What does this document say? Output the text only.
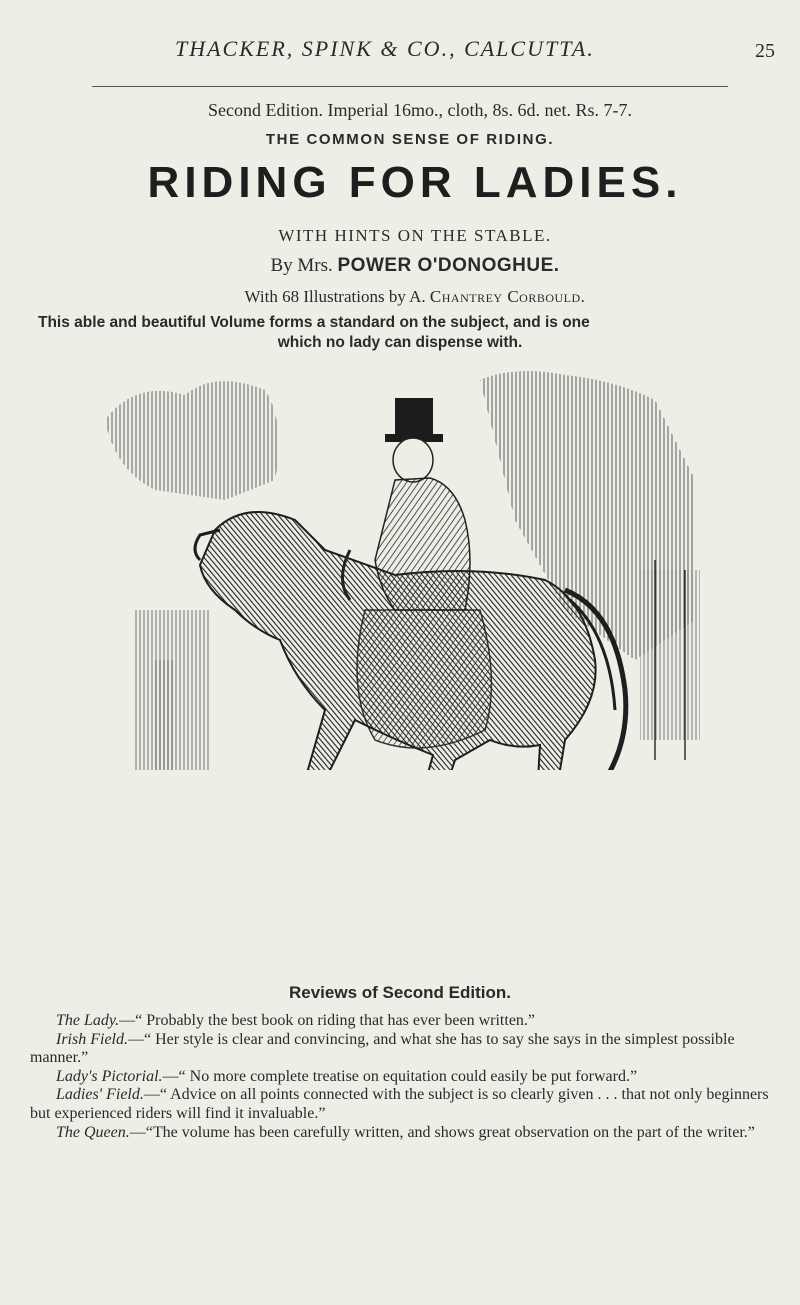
THACKER, SPINK & CO., CALCUTTA.	25
Second Edition. Imperial 16mo., cloth, 8s. 6d. net. Rs. 7-7.
THE COMMON SENSE OF RIDING.
RIDING FOR LADIES.
WITH HINTS ON THE STABLE.
By Mrs. POWER O'DONOGHUE.
With 68 Illustrations by A. Chantrey Corbould.
This able and beautiful Volume forms a standard on the subject, and is one
which no lady can dispense with.
Reviews of Second Edition.

The Lady.—“ Probably the best book on riding that has ever been written.”

Irish Field.—“ Her style is clear and convincing, and what she has to say she says in the simplest possible manner.”

Lady's Pictorial.—“ No more complete treatise on equitation could easily be put forward.”

Ladies' Field.—“ Advice on all points connected with the subject is so clearly given . . . that not only beginners but experienced riders will find it invaluable.”

The Queen.—“The volume has been carefully written, and shows great observation on the part of the writer.”
